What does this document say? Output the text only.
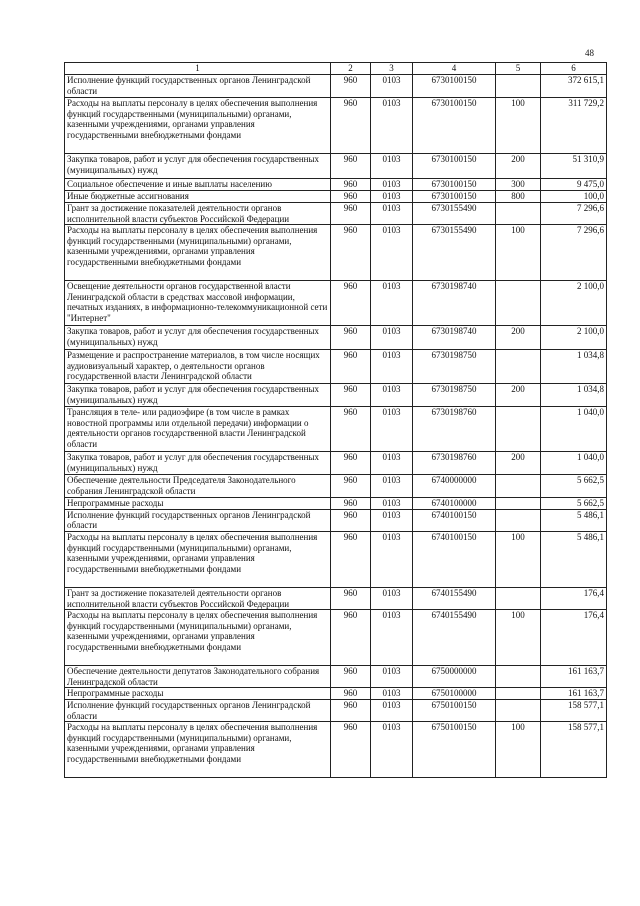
48
1	2	3	4	5	6
Исполнение функций государственных органов Ленинградской области	960	0103	6730100150		372 615,1
Расходы на выплаты персоналу в целях обеспечения выполнения функций государственными (муниципальными) органами, казенными учреждениями, органами управления государственными внебюджетными фондами	960	0103	6730100150	100	311 729,2
Закупка товаров, работ и услуг для обеспечения государственных (муниципальных) нужд	960	0103	6730100150	200	51 310,9
Социальное обеспечение и иные выплаты населению	960	0103	6730100150	300	9 475,0
Иные бюджетные ассигнования	960	0103	6730100150	800	100,0
Грант за достижение показателей деятельности органов исполнительной власти субъектов Российской Федерации	960	0103	6730155490		7 296,6
Расходы на выплаты персоналу в целях обеспечения выполнения функций государственными (муниципальными) органами, казенными учреждениями, органами управления государственными внебюджетными фондами	960	0103	6730155490	100	7 296,6
Освещение деятельности органов государственной власти Ленинградской области в средствах массовой информации, печатных изданиях, в информационно-телекоммуникационной сети "Интернет"	960	0103	6730198740		2 100,0
Закупка товаров, работ и услуг для обеспечения государственных (муниципальных) нужд	960	0103	6730198740	200	2 100,0
Размещение и распространение материалов, в том числе носящих аудиовизуальный характер, о деятельности органов государственной власти Ленинградской области	960	0103	6730198750		1 034,8
Закупка товаров, работ и услуг для обеспечения государственных (муниципальных) нужд	960	0103	6730198750	200	1 034,8
Трансляция в теле- или радиоэфире (в том числе в рамках новостной программы или отдельной передачи) информации о деятельности органов государственной власти Ленинградской области	960	0103	6730198760		1 040,0
Закупка товаров, работ и услуг для обеспечения государственных (муниципальных) нужд	960	0103	6730198760	200	1 040,0
Обеспечение деятельности Председателя Законодательного собрания Ленинградской области	960	0103	6740000000		5 662,5
Непрограммные расходы	960	0103	6740100000		5 662,5
Исполнение функций государственных органов Ленинградской области	960	0103	6740100150		5 486,1
Расходы на выплаты персоналу в целях обеспечения выполнения функций государственными (муниципальными) органами, казенными учреждениями, органами управления государственными внебюджетными фондами	960	0103	6740100150	100	5 486,1
Грант за достижение показателей деятельности органов исполнительной власти субъектов Российской Федерации	960	0103	6740155490		176,4
Расходы на выплаты персоналу в целях обеспечения выполнения функций государственными (муниципальными) органами, казенными учреждениями, органами управления государственными внебюджетными фондами	960	0103	6740155490	100	176,4
Обеспечение деятельности депутатов Законодательного собрания Ленинградской области	960	0103	6750000000		161 163,7
Непрограммные расходы	960	0103	6750100000		161 163,7
Исполнение функций государственных органов Ленинградской области	960	0103	6750100150		158 577,1
Расходы на выплаты персоналу в целях обеспечения выполнения функций государственными (муниципальными) органами, казенными учреждениями, органами управления государственными внебюджетными фондами	960	0103	6750100150	100	158 577,1
